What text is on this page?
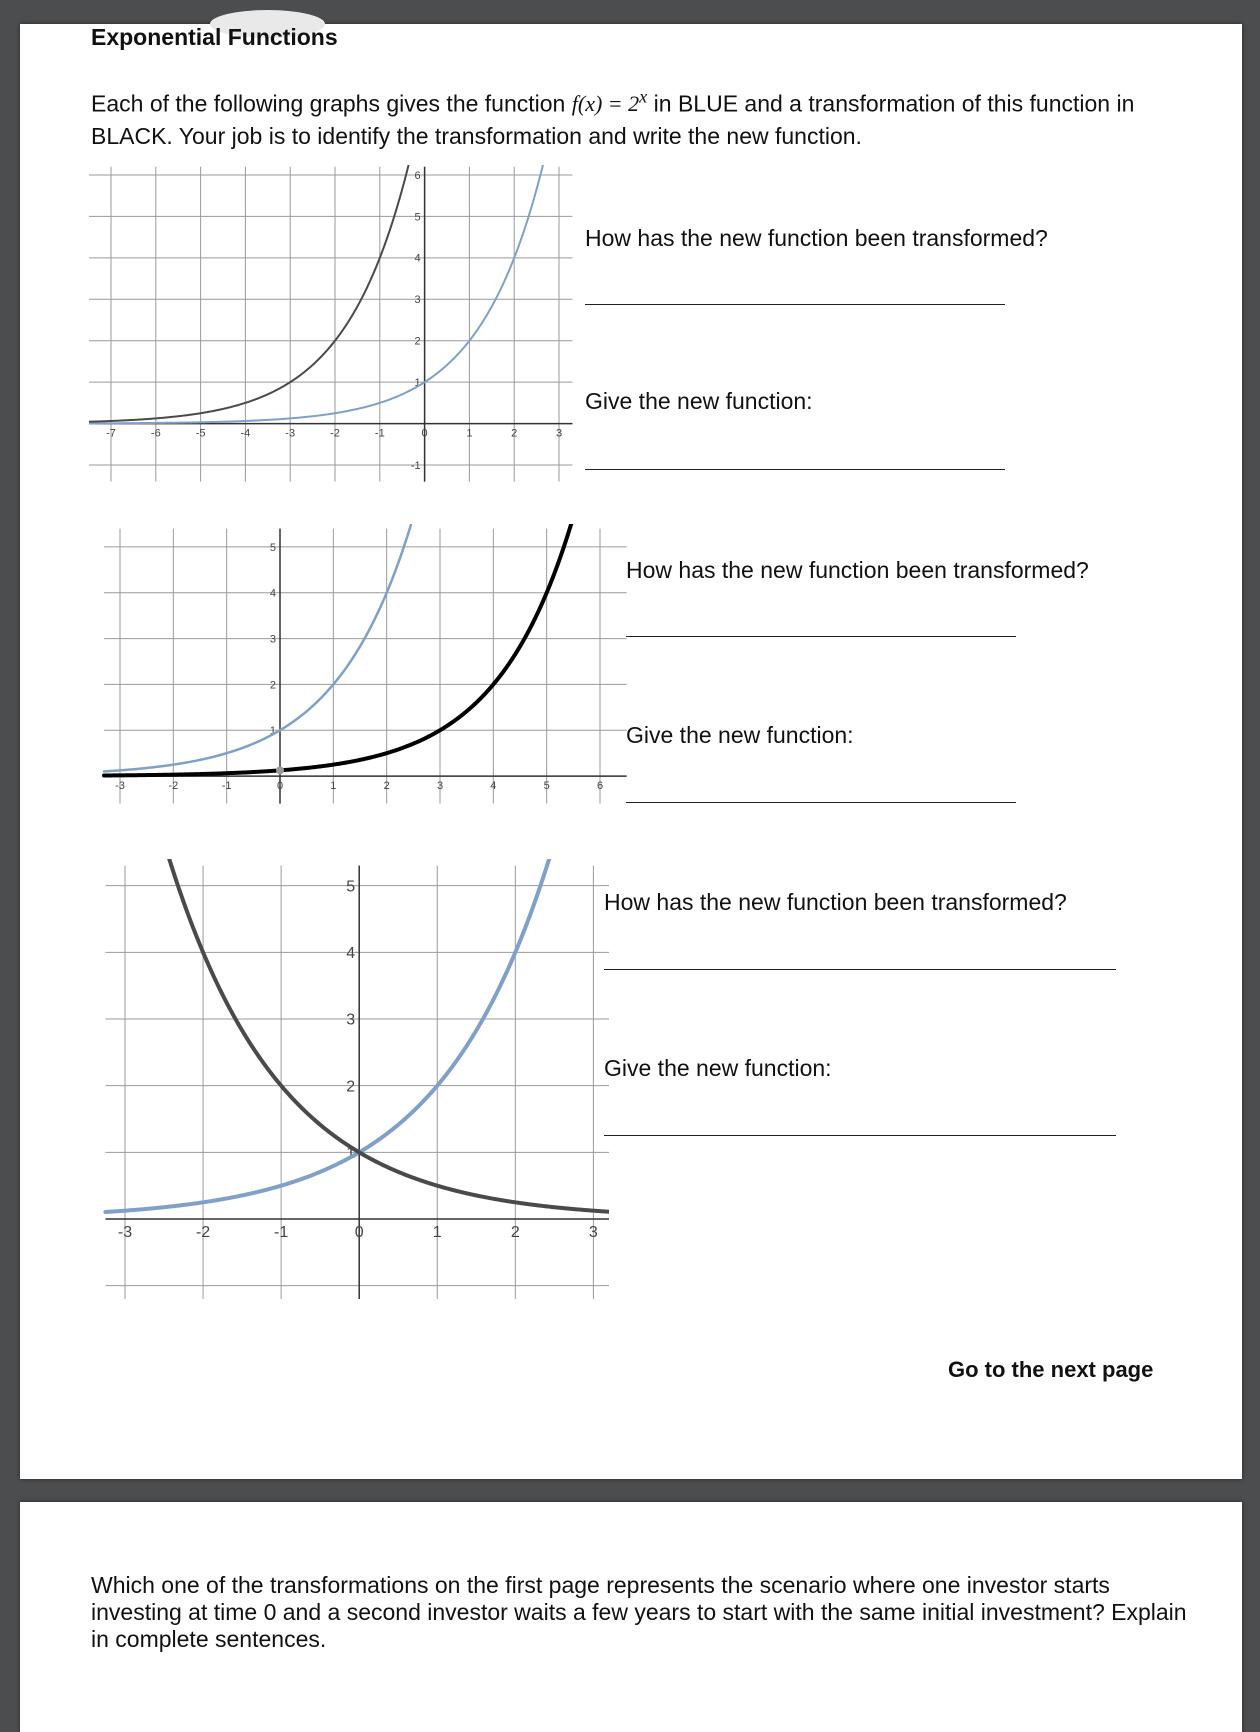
Exponential Functions
Each of the following graphs gives the function $f(x) = 2^x$ in BLUE and a transformation of this function in BLACK. Your job is to identify the transformation and write the new function.
-7	-6	-5	-4	-3	-2	-1	0	1	2	3
1
2
3
4
5
6
-1
How has the new function been transformed?
Give the new function:
-3	-2	-1	0	1	2	3	4	5	6
1
2
3
4
5
How has the new function been transformed?
Give the new function:
-3	-2	-1	0	1	2	3
1
2
3
4
5
How has the new function been transformed?
Give the new function:
Go to the next page
Which one of the transformations on the first page represents the scenario where one investor starts investing at time 0 and a second investor waits a few years to start with the same initial investment? Explain in complete sentences.
